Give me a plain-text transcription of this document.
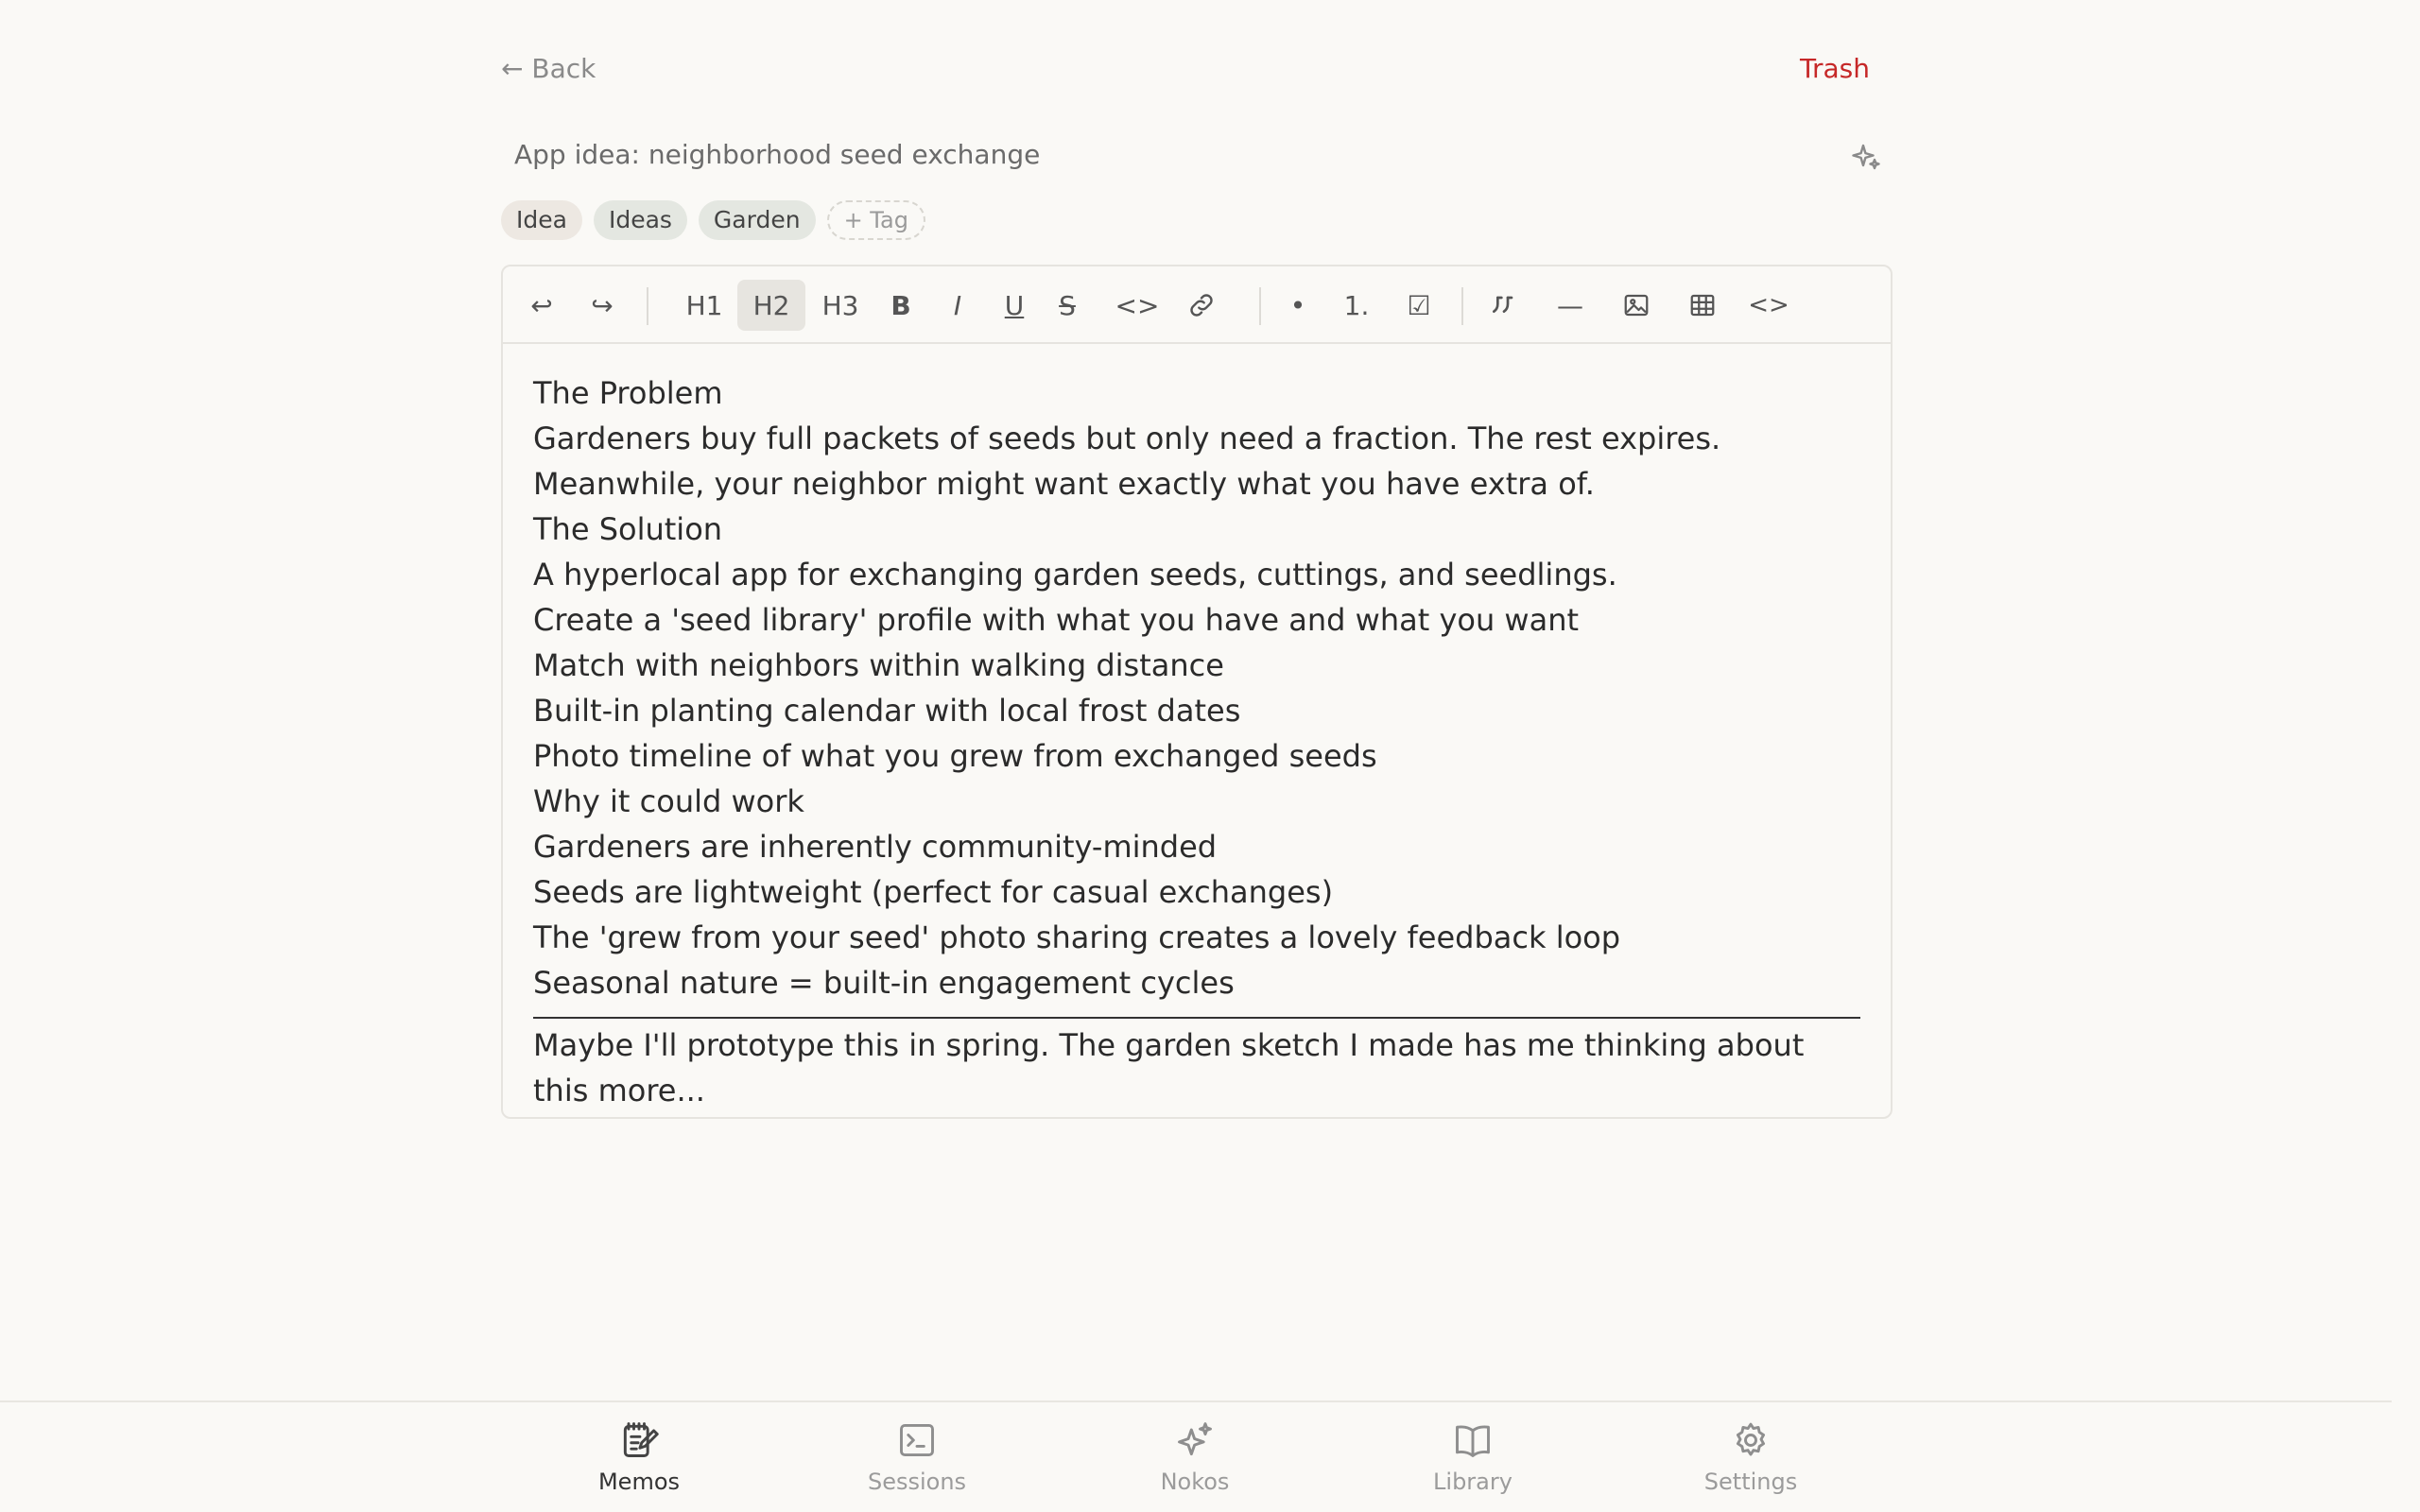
← Back	Trash
App idea: neighborhood seed exchange
Idea	Ideas	Garden	+ Tag
↩	↪	H1	H2	H3	B	I	U	S	<>	•	1.	☑	—	<>
The Problem
Gardeners buy full packets of seeds but only need a fraction. The rest expires.
Meanwhile, your neighbor might want exactly what you have extra of.
The Solution
A hyperlocal app for exchanging garden seeds, cuttings, and seedlings.
Create a 'seed library' profile with what you have and what you want
Match with neighbors within walking distance
Built-in planting calendar with local frost dates
Photo timeline of what you grew from exchanged seeds
Why it could work
Gardeners are inherently community-minded
Seeds are lightweight (perfect for casual exchanges)
The 'grew from your seed' photo sharing creates a lovely feedback loop
Seasonal nature = built-in engagement cycles
Maybe I'll prototype this in spring. The garden sketch I made has me thinking about this more...
Memos	Sessions	Nokos	Library	Settings
